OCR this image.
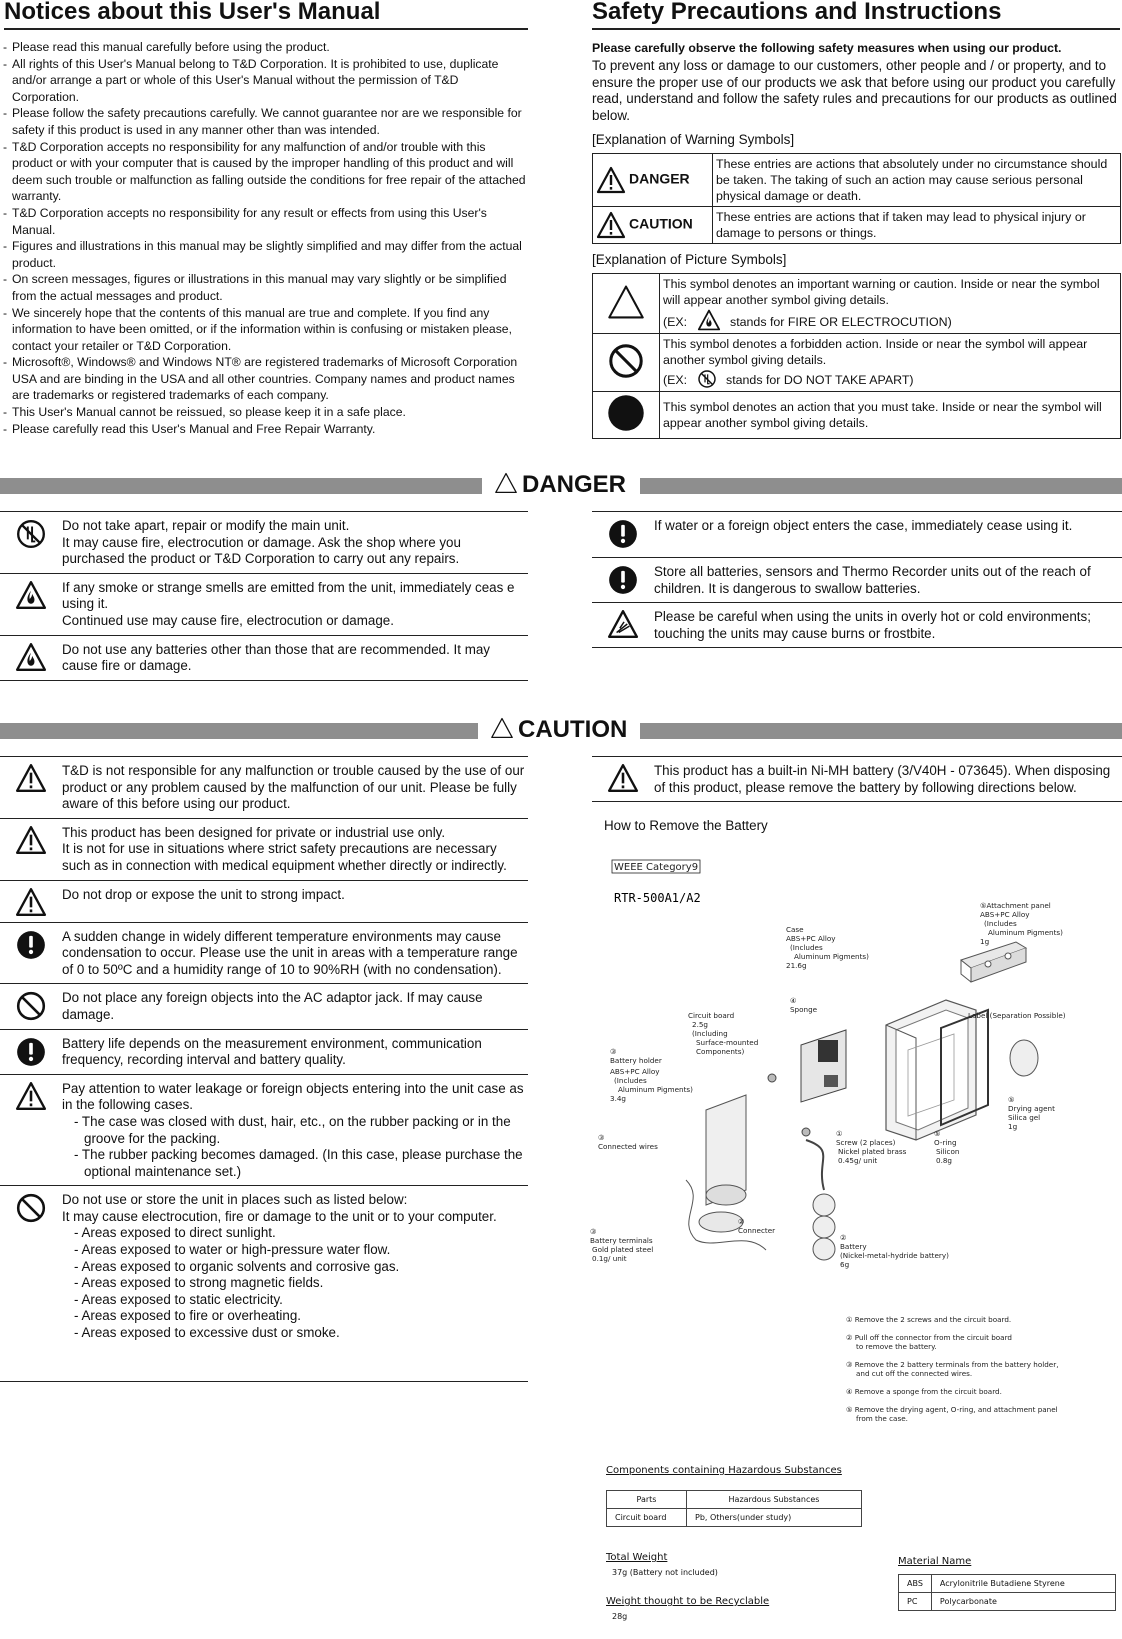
Notices about this User's Manual
- Please read this manual carefully before using the product.
- All rights of this User's Manual belong to T&D Corporation. It is prohibited to use, duplicate and/or arrange a part or whole of this User's Manual without the permission of T&D Corporation.
- Please follow the safety precautions carefully. We cannot guarantee nor are we responsible for safety if this product is used in any manner other than was intended.
- T&D Corporation accepts no responsibility for any malfunction of and/or trouble with this product or with your computer that is caused by the improper handling of this product and will deem such trouble or malfunction as falling outside the conditions for free repair of the attached warranty.
- T&D Corporation accepts no responsibility for any result or effects from using this User's Manual.
- Figures and illustrations in this manual may be slightly simplified and may differ from the actual product.
- On screen messages, figures or illustrations in this manual may vary slightly or be simplified from the actual messages and product.
- We sincerely hope that the contents of this manual are true and complete. If you find any information to have been omitted, or if the information within is confusing or mistaken please, contact your retailer or T&D Corporation.
- Microsoft®, Windows® and Windows NT® are registered trademarks of Microsoft Corporation USA and are binding in the USA and all other countries. Company names and product names are trademarks or registered trademarks of each company.
- This User's Manual cannot be reissued, so please keep it in a safe place.
- Please carefully read this User's Manual and Free Repair Warranty.
Safety Precautions and Instructions
Please carefully observe the following safety measures when using our product.
To prevent any loss or damage to our customers, other people and / or property, and to ensure the proper use of our products we ask that before using our product you carefully read, understand and follow the safety rules and precautions for our products as outlined below.
[Explanation of Warning Symbols]
DANGER	These entries are actions that absolutely under no circumstance should be taken. The taking of such an action may cause serious personal physical damage or death.
CAUTION	These entries are actions that if taken may lead to physical injury or damage to persons or things.
[Explanation of Picture Symbols]

This symbol denotes an important warning or caution. Inside or near the symbol will appear another symbol giving details.
(EX: stands for FIRE OR ELECTROCUTION)

This symbol denotes a forbidden action. Inside or near the symbol will appear another symbol giving details.
(EX: stands for DO NOT TAKE APART)

	This symbol denotes an action that you must take. Inside or near the symbol will appear another symbol giving details.
DANGER
Do not take apart, repair or modify the main unit.
It may cause fire, electrocution or damage. Ask the shop where you purchased the product or T&D Corporation to carry out any repairs.
If any smoke or strange smells are emitted from the unit, immediately ceas e using it.
Continued use may cause fire, electrocution or damage.
Do not use any batteries other than those that are recommended. It may cause fire or damage.
If water or a foreign object enters the case, immediately cease using it.
Store all batteries, sensors and Thermo Recorder units out of the reach of children. It is dangerous to swallow batteries.
Please be careful when using the units in overly hot or cold environments; touching the units may cause burns or frostbite.
CAUTION
T&D is not responsible for any malfunction or trouble caused by the use of our product or any problem caused by the malfunction of our unit. Please be fully aware of this before using our product.
This product has been designed for private or industrial use only.
It is not for use in situations where strict safety precautions are necessary such as in connection with medical equipment whether directly or indirectly.
Do not drop or expose the unit to strong impact.
A sudden change in widely different temperature environments may cause condensation to occur. Please use the unit in areas with a temperature range of 0 to 50ºC and a humidity range of 10 to 90%RH (with no condensation).
Do not place any foreign objects into the AC adaptor jack. If may cause damage.
Battery life depends on the measurement environment, communication frequency, recording interval and battery quality.
Pay attention to water leakage or foreign objects entering into the unit case as in the following cases.
- The case was closed with dust, hair, etc., on the rubber packing or in the groove for the packing.
- The rubber packing becomes damaged. (In this case, please purchase the optional maintenance set.)
Do not use or store the unit in places such as listed below:
It may cause electrocution, fire or damage to the unit or to your computer.
- Areas exposed to direct sunlight.
- Areas exposed to water or high-pressure water flow.
- Areas exposed to organic solvents and corrosive gas.
- Areas exposed to strong magnetic fields.
- Areas exposed to static electricity.
- Areas exposed to fire or overheating.
- Areas exposed to excessive dust or smoke.
This product has a built-in Ni-MH battery (3/V40H - 073645). When disposing of this product, please remove the battery by following directions below.
How to Remove the Battery
WEEE Category9
RTR-500A1/A2
⑤Attachment panel
ABS+PC Alloy
(Includes
Aluminum Pigments)
1g
Case
ABS+PC Alloy
(Includes
Aluminum Pigments)
21.6g
④
Sponge
Label (Separation Possible)
Circuit board
2.5g
(Including
Surface-mounted
Components)
③
Battery holder
ABS+PC Alloy
(Includes
Aluminum Pigments)
3.4g
③
Connected wires
①
Screw (2 places)
Nickel plated brass
0.45g/ unit
⑤
O-ring
Silicon
0.8g
⑤
Drying agent
Silica gel
1g
②
Connecter
③
Battery terminals
Gold plated steel
0.1g/ unit
②
Battery
(Nickel-metal-hydride battery)
6g
① Remove the 2 screws and the circuit board.
② Pull off the connector from the circuit board
to remove the battery.
③ Remove the 2 battery terminals from the battery holder,
and cut off the connected wires.
④ Remove a sponge from the circuit board.
⑤ Remove the drying agent, O-ring, and attachment panel
from the case.
Components containing Hazardous Substances
Parts	Hazardous Substances
Circuit board	Pb, Others(under study)
Total Weight
37g (Battery not included)
Weight thought to be Recyclable
28g
Material Name
ABS	Acrylonitrile Butadiene Styrene
PC	Polycarbonate
